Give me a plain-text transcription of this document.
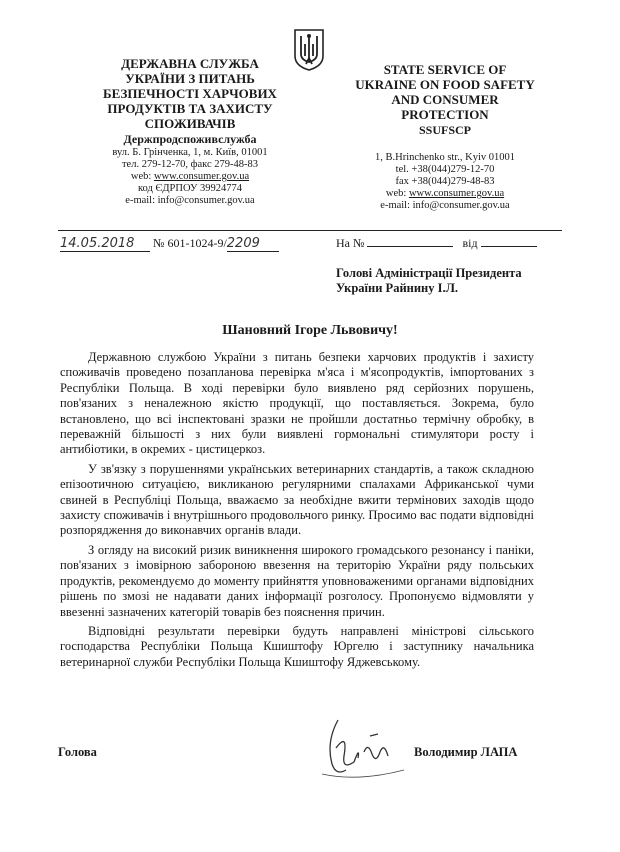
ДЕРЖАВНА СЛУЖБА
УКРАЇНИ З ПИТАНЬ
БЕЗПЕЧНОСТІ ХАРЧОВИХ
ПРОДУКТІВ ТА ЗАХИСТУ
СПОЖИВАЧІВ
Держпродспоживслужба
вул. Б. Грінченка, 1, м. Київ, 01001
тел. 279-12-70, факс 279-48-83
web: www.consumer.gov.ua
код ЄДРПОУ 39924774
e-mail: info@consumer.gov.ua
STATE SERVICE OF
UKRAINE ON FOOD SAFETY
AND CONSUMER
PROTECTION
SSUFSCP
1, B.Hrinchenko str., Kyiv 01001
tel. +38(044)279-12-70
fax +38(044)279-48-83
web: www.consumer.gov.ua
e-mail: info@consumer.gov.ua
14.05.2018 № 601-1024-9/2209	На №	від
Голові Адміністрації Президента
України Райнину І.Л.
Шановний Ігоре Львовичу!

Державною службою України з питань безпеки харчових продуктів і захисту споживачів проведено позапланова перевірка м'яса і м'ясопродуктів, імпортованих з Республіки Польща. В ході перевірки було виявлено ряд серйозних порушень, пов'язаних з неналежною якістю продукції, що поставляється. Зокрема, було встановлено, що всі інспектовані зразки не пройшли достатньо термічну обробку, в переважній більшості з них були виявлені гормональні стимулятори росту і антибіотики, в окремих - цистицеркоз.

У зв'язку з порушеннями українських ветеринарних стандартів, а також складною епізоотичною ситуацією, викликаною регулярними спалахами Африканської чуми свиней в Республіці Польща, вважаємо за необхідне вжити термінових заходів щодо захисту споживачів і внутрішнього продовольчого ринку. Просимо вас подати відповідні розпорядження до виконавчих органів влади.

З огляду на високий ризик виникнення широкого громадського резонансу і паніки, пов'язаних з імовірною забороною ввезення на територію України ряду польських продуктів, рекомендуємо до моменту прийняття уповноваженими органами відповідних рішень по змозі не надавати даних інформації розголосу. Пропонуємо відмовляти у ввезенні зазначених категорій товарів без пояснення причин.

Відповідні результати перевірки будуть направлені міністрові сільського господарства Республіки Польща Кшиштофу Юргелю і заступнику начальника ветеринарної служби Республіки Польща Кшиштофу Яджевському.

Голова	Володимир ЛАПА
